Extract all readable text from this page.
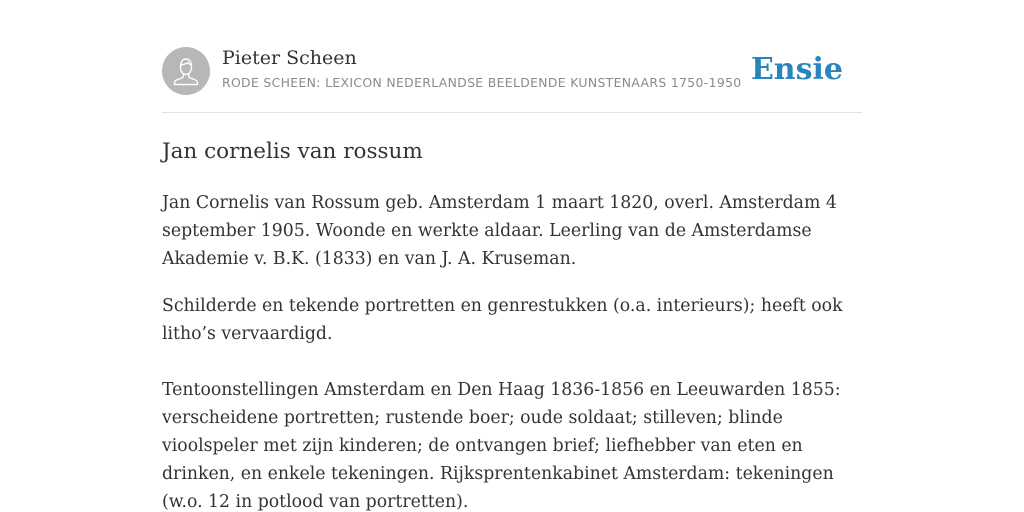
Pieter Scheen
RODE SCHEEN: LEXICON NEDERLANDSE BEELDENDE KUNSTENAARS 1750-1950 Ensie
Jan cornelis van rossum

Jan Cornelis van Rossum geb. Amsterdam 1 maart 1820, overl. Amsterdam 4 september 1905. Woonde en werkte aldaar. Leerling van de Amsterdamse Akademie v. B.K. (1833) en van J. A. Kruseman.

Schilderde en tekende portretten en genrestukken (o.a. interieurs); heeft ook litho’s vervaardigd.

Tentoonstellingen Amsterdam en Den Haag 1836-1856 en Leeuwarden 1855: verscheidene portretten; rustende boer; oude soldaat; stilleven; blinde vioolspeler met zijn kinderen; de ontvangen brief; liefhebber van eten en drinken, en enkele tekeningen. Rijksprentenkabinet Amsterdam: tekeningen (w.o. 12 in potlood van portretten).
